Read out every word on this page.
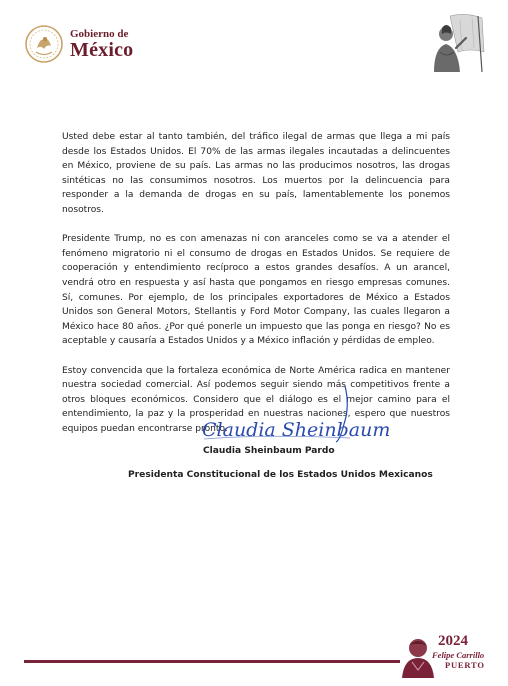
Gobierno de
México

Usted debe estar al tanto también, del tráfico ilegal de armas que llega a mi país desde los Estados Unidos. El 70% de las armas ilegales incautadas a delincuentes en México, proviene de su país. Las armas no las producimos nosotros, las drogas sintéticas no las consumimos nosotros. Los muertos por la delincuencia para responder a la demanda de drogas en su país, lamentablemente los ponemos nosotros.

Presidente Trump, no es con amenazas ni con aranceles como se va a atender el fenómeno migratorio ni el consumo de drogas en Estados Unidos. Se requiere de cooperación y entendimiento recíproco a estos grandes desafíos. A un arancel, vendrá otro en respuesta y así hasta que pongamos en riesgo empresas comunes. Sí, comunes. Por ejemplo, de los principales exportadores de México a Estados Unidos son General Motors, Stellantis y Ford Motor Company, las cuales llegaron a México hace 80 años. ¿Por qué ponerle un impuesto que las ponga en riesgo? No es aceptable y causaría a Estados Unidos y a México inflación y pérdidas de empleo.

Estoy convencida que la fortaleza económica de Norte América radica en mantener nuestra sociedad comercial. Así podemos seguir siendo más competitivos frente a otros bloques económicos. Considero que el diálogo es el mejor camino para el entendimiento, la paz y la prosperidad en nuestras naciones, espero que nuestros equipos puedan encontrarse pronto.

Claudia Sheinbaum
Claudia Sheinbaum Pardo
Presidenta Constitucional de los Estados Unidos Mexicanos
2024
Felipe Carrillo
PUERTO
